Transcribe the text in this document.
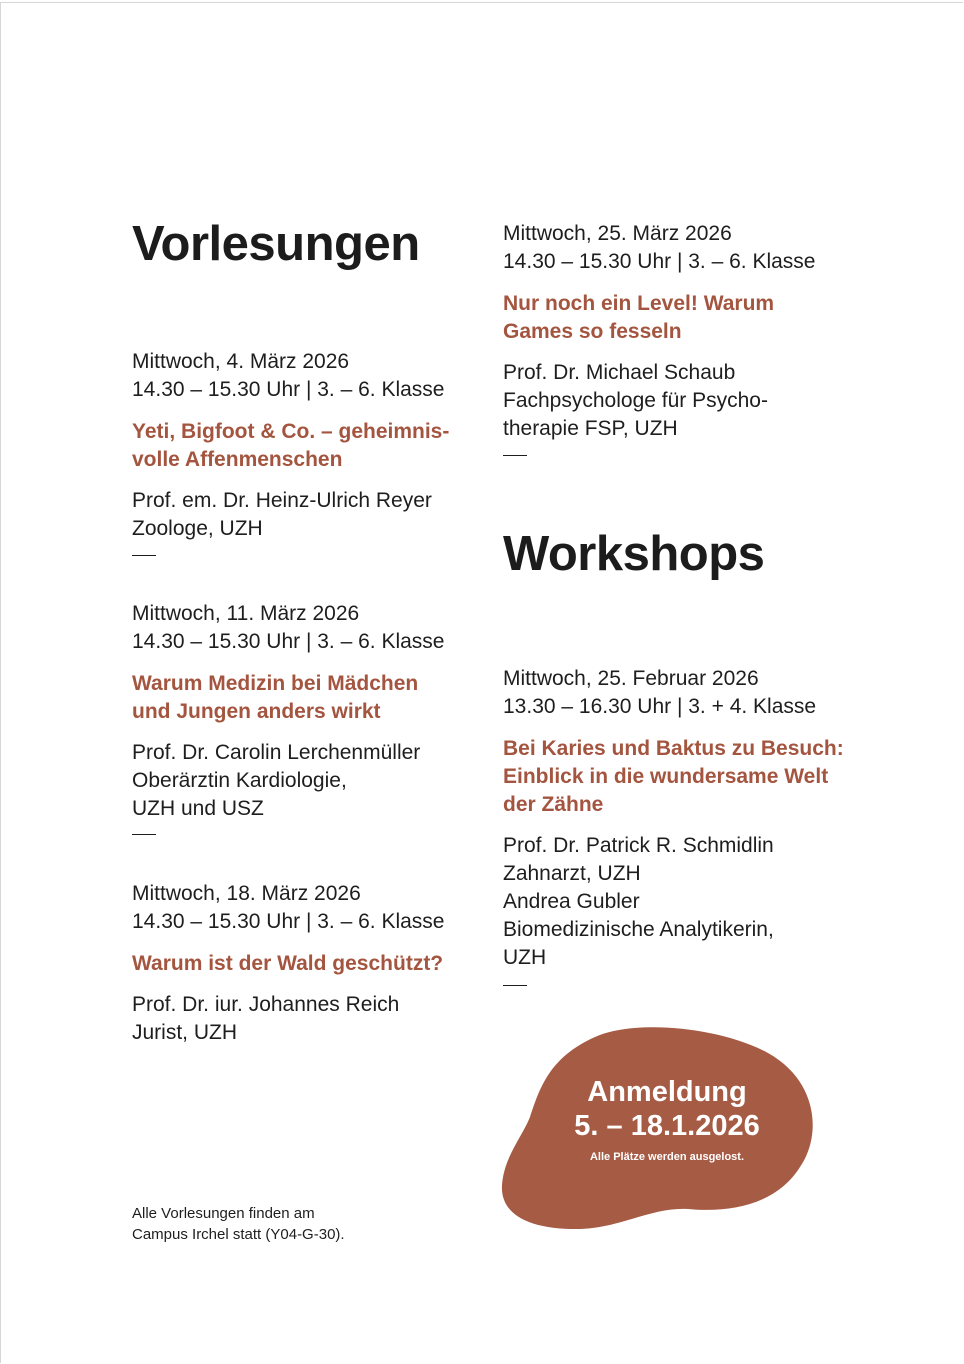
Vorlesungen
Mittwoch, 4. März 2026
14.30 – 15.30 Uhr | 3. – 6. Klasse
Yeti, Bigfoot & Co. – geheimnis-
volle Affenmenschen
Prof. em. Dr. Heinz-Ulrich Reyer
Zoologe, UZH
Mittwoch, 11. März 2026
14.30 – 15.30 Uhr | 3. – 6. Klasse
Warum Medizin bei Mädchen
und Jungen anders wirkt
Prof. Dr. Carolin Lerchenmüller
Oberärztin Kardiologie,
UZH und USZ
Mittwoch, 18. März 2026
14.30 – 15.30 Uhr | 3. – 6. Klasse
Warum ist der Wald geschützt?
Prof. Dr. iur. Johannes Reich
Jurist, UZH
Alle Vorlesungen finden am
Campus Irchel statt (Y04-G-30).
Mittwoch, 25. März 2026
14.30 – 15.30 Uhr | 3. – 6. Klasse
Nur noch ein Level! Warum
Games so fesseln
Prof. Dr. Michael Schaub
Fachpsychologe für Psycho-
therapie FSP, UZH
Workshops
Mittwoch, 25. Februar 2026
13.30 – 16.30 Uhr | 3. + 4. Klasse
Bei Karies und Baktus zu Besuch:
Einblick in die wundersame Welt
der Zähne
Prof. Dr. Patrick R. Schmidlin
Zahnarzt, UZH
Andrea Gubler
Biomedizinische Analytikerin,
UZH
Anmeldung
5. – 18.1.2026
Alle Plätze werden ausgelost.
